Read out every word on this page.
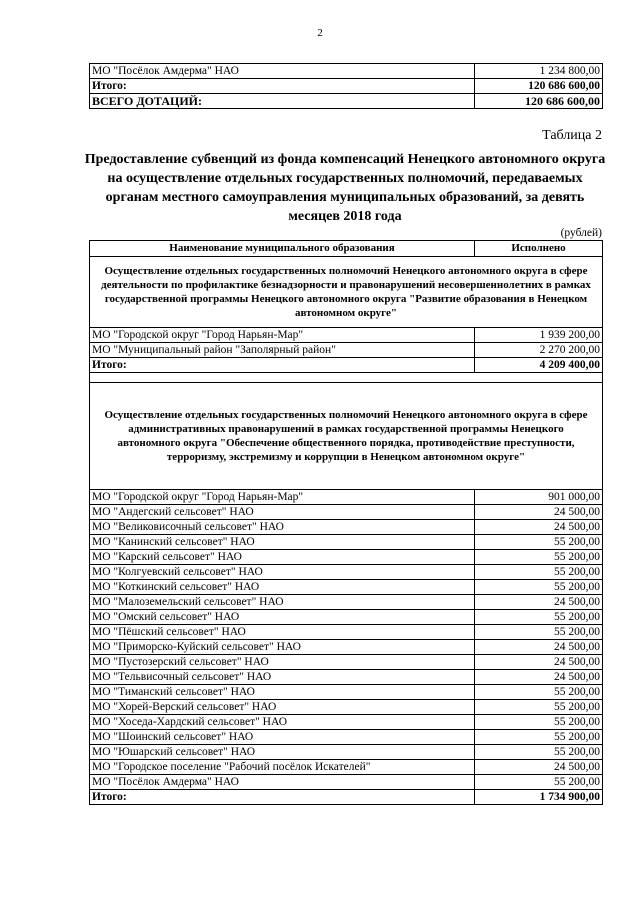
2
МО "Посёлок Амдерма" НАО	1 234 800,00
Итого:	120 686 600,00
ВСЕГО ДОТАЦИЙ:	120 686 600,00
Таблица 2
Предоставление субвенций из фонда компенсаций Ненецкого автономного округа на осуществление отдельных государственных полномочий, передаваемых органам местного самоуправления муниципальных образований, за девять месяцев 2018 года
(рублей)
Наименование муниципального образования	Исполнено
Осуществление отдельных государственных полномочий Ненецкого автономного округа в сфере деятельности по профилактике безнадзорности и правонарушений несовершеннолетних в рамках государственной программы Ненецкого автономного округа "Развитие образования в Ненецком автономном округе"	
МО "Городской округ "Город Нарьян-Мар"	1 939 200,00
МО "Муниципальный район "Заполярный район"	2 270 200,00
Итого:	4 209 400,00

Осуществление отдельных государственных полномочий Ненецкого автономного округа в сфере административных правонарушений в рамках государственной программы Ненецкого автономного округа "Обеспечение общественного порядка, противодействие преступности, терроризму, экстремизму и коррупции в Ненецком автономном округе"	
МО "Городской округ "Город Нарьян-Мар"	901 000,00
МО "Андегский сельсовет" НАО	24 500,00
МО "Великовисочный сельсовет" НАО	24 500,00
МО "Канинский сельсовет" НАО	55 200,00
МО "Карский сельсовет" НАО	55 200,00
МО "Колгуевский сельсовет" НАО	55 200,00
МО "Коткинский сельсовет" НАО	55 200,00
МО "Малоземельский сельсовет" НАО	24 500,00
МО "Омский сельсовет" НАО	55 200,00
МО "Пёшский сельсовет" НАО	55 200,00
МО "Приморско-Куйский сельсовет" НАО	24 500,00
МО "Пустозерский сельсовет" НАО	24 500,00
МО "Тельвисочный сельсовет" НАО	24 500,00
МО "Тиманский сельсовет" НАО	55 200,00
МО "Хорей-Верский сельсовет" НАО	55 200,00
МО "Хоседа-Хардский сельсовет" НАО	55 200,00
МО "Шоинский сельсовет" НАО	55 200,00
МО "Юшарский сельсовет" НАО	55 200,00
МО "Городское поселение "Рабочий посёлок Искателей"	24 500,00
МО "Посёлок Амдерма" НАО	55 200,00
Итого:	1 734 900,00
